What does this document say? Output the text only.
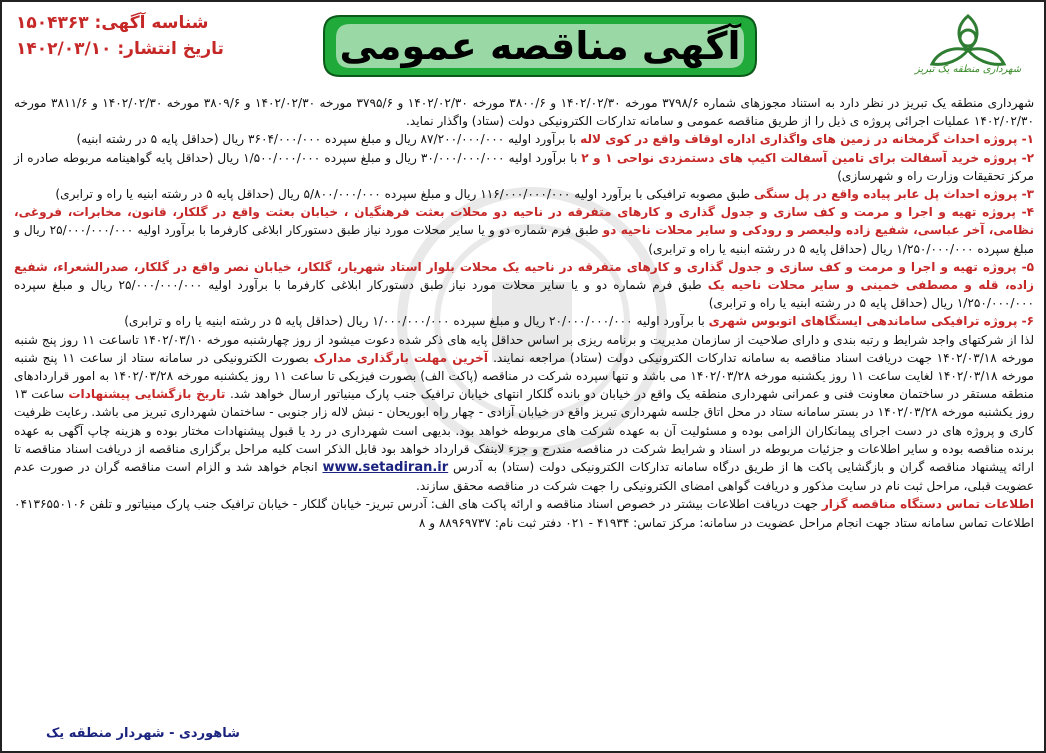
شناسه آگهی: ۱۵۰۴۳۶۳
تاریخ انتشار: ۱۴۰۲/۰۳/۱۰	آگهی مناقصه عمومی
شهرداری منطقه یک تبریز

شهرداری منطقه یک تبریز در نظر دارد به استناد مجوزهای شماره ۳۷۹۸/۶ مورخه ۱۴۰۲/۰۲/۳۰ و ۳۸۰۰/۶ مورخه ۱۴۰۲/۰۲/۳۰ و ۳۷۹۵/۶ مورخه ۱۴۰۲/۰۲/۳۰ و ۳۸۰۹/۶ مورخه ۱۴۰۲/۰۲/۳۰ و ۳۸۱۱/۶ مورخه ۱۴۰۲/۰۲/۳۰ عملیات اجرائی پروژه ی ذیل را از طریق مناقصه عمومی و سامانه تدارکات الکترونیکی دولت (ستاد) واگذار نماید.

۱- پروژه احداث گرمخانه در زمین های واگذاری اداره اوقاف واقع در کوی لاله با برآورد اولیه ۸۷/۲۰۰/۰۰۰/۰۰۰ ریال و مبلغ سپرده ۳۶۰۴/۰۰۰/۰۰۰ ریال (حداقل پایه ۵ در رشته ابنیه)

۲- پروژه خرید آسفالت برای تامین آسفالت اکیپ های دستمزدی نواحی ۱ و ۲ با برآورد اولیه ۳۰/۰۰۰/۰۰۰/۰۰۰ ریال و مبلغ سپرده ۱/۵۰۰/۰۰۰/۰۰۰ ریال (حداقل پایه گواهینامه مربوطه صادره از مرکز تحقیقات وزارت راه و شهرسازی)

۳- پروژه احداث پل عابر پیاده واقع در پل سنگی طبق مصوبه ترافیکی با برآورد اولیه ۱۱۶/۰۰۰/۰۰۰/۰۰۰ ریال و مبلغ سپرده ۵/۸۰۰/۰۰۰/۰۰۰ ریال (حداقل پایه ۵ در رشته ابنیه یا راه و ترابری)

۴- پروژه تهیه و اجرا و مرمت و کف سازی و جدول گذاری و کارهای متفرقه در ناحیه دو محلات بعثت فرهنگیان ، خیابان بعثت واقع در گلکار، قانون، مخابرات، فروغی، نظامی، آخر عباسی، شفیع زاده ولیعصر و رودکی و سایر محلات ناحیه دو طبق فرم شماره دو و یا سایر محلات مورد نیاز طبق دستورکار ابلاغی کارفرما با برآورد اولیه ۲۵/۰۰۰/۰۰۰/۰۰۰ ریال و مبلغ سپرده ۱/۲۵۰/۰۰۰/۰۰۰ ریال (حداقل پایه ۵ در رشته ابنیه یا راه و ترابری)

۵- پروژه تهیه و اجرا و مرمت و کف سازی و جدول گذاری و کارهای متفرقه در ناحیه یک محلات بلوار استاد شهریار، گلکار، خیابان نصر واقع در گلکار، صدرالشعراء، شفیع زاده، قله و مصطفی خمینی و سایر محلات ناحیه یک طبق فرم شماره دو و یا سایر محلات مورد نیاز طبق دستورکار ابلاغی کارفرما با برآورد اولیه ۲۵/۰۰۰/۰۰۰/۰۰۰ ریال و مبلغ سپرده ۱/۲۵۰/۰۰۰/۰۰۰ ریال (حداقل پایه ۵ در رشته ابنیه یا راه و ترابری)

۶- پروژه ترافیکی ساماندهی ایستگاهای اتوبوس شهری با برآورد اولیه ۲۰/۰۰۰/۰۰۰/۰۰۰ ریال و مبلغ سپرده ۱/۰۰۰/۰۰۰/۰۰۰ ریال (حداقل پایه ۵ در رشته ابنیه یا راه و ترابری)

لذا از شرکتهای واجد شرایط و رتبه بندی و دارای صلاحیت از سازمان مدیریت و برنامه ریزی بر اساس حداقل پایه های ذکر شده دعوت میشود از روز چهارشنبه مورخه ۱۴۰۲/۰۳/۱۰ تاساعت ۱۱ روز پنج شنبه مورخه ۱۴۰۲/۰۳/۱۸ جهت دریافت اسناد مناقصه به سامانه تدارکات الکترونیکی دولت (ستاد) مراجعه نمایند. آخرین مهلت بارگذاری مدارک بصورت الکترونیکی در سامانه ستاد از ساعت ۱۱ پنج شنبه مورخه ۱۴۰۲/۰۳/۱۸ لغایت ساعت ۱۱ روز یکشنبه مورخه ۱۴۰۲/۰۳/۲۸ می باشد و تنها سپرده شرکت در مناقصه (پاکت الف) بصورت فیزیکی تا ساعت ۱۱ روز یکشنبه مورخه ۱۴۰۲/۰۳/۲۸ به امور قراردادهای منطقه مستقر در ساختمان معاونت فنی و عمرانی شهرداری منطقه یک واقع در خیابان دو بانده گلکار انتهای خیابان ترافیک جنب پارک مینیاتور ارسال خواهد شد. تاریخ بازگشایی پیشنهادات ساعت ۱۳ روز یکشنبه مورخه ۱۴۰۲/۰۳/۲۸ در بستر سامانه ستاد در محل اتاق جلسه شهرداری تبریز واقع در خیابان آزادی - چهار راه ابوریحان - نبش لاله زار جنوبی - ساختمان شهرداری تبریز می باشد. رعایت ظرفیت کاری و پروژه های در دست اجرای پیمانکاران الزامی بوده و مسئولیت آن به عهده شرکت های مربوطه خواهد بود. بدیهی است شهرداری در رد یا قبول پیشنهادات مختار بوده و هزینه چاپ آگهی به عهده برنده مناقصه بوده و سایر اطلاعات و جزئیات مربوطه در اسناد و شرایط شرکت در مناقصه مندرج و جزء لاینفک قرارداد خواهد بود قابل الذکر است کلیه مراحل برگزاری مناقصه از دریافت اسناد مناقصه تا ارائه پیشنهاد مناقصه گران و بازگشایی پاکت ها از طریق درگاه سامانه تدارکات الکترونیکی دولت (ستاد) به آدرس www.setadiran.ir انجام خواهد شد و الزام است مناقصه گران در صورت عدم عضویت قبلی، مراحل ثبت نام در سایت مذکور و دریافت گواهی امضای الکترونیکی را جهت شرکت در مناقصه محقق سازند.

اطلاعات تماس دستگاه مناقصه گزار جهت دریافت اطلاعات بیشتر در خصوص اسناد مناقصه و ارائه پاکت های الف: آدرس تبریز- خیابان گلکار - خیابان ترافیک جنب پارک مینیاتور و تلفن ۰۴۱۳۶۵۵۰۱۰۶ اطلاعات تماس سامانه ستاد جهت انجام مراحل عضویت در سامانه: مرکز تماس: ۴۱۹۳۴ - ۰۲۱ دفتر ثبت نام: ۸۸۹۶۹۷۳۷ و ۸

شاهوردی - شهردار منطقه یک
